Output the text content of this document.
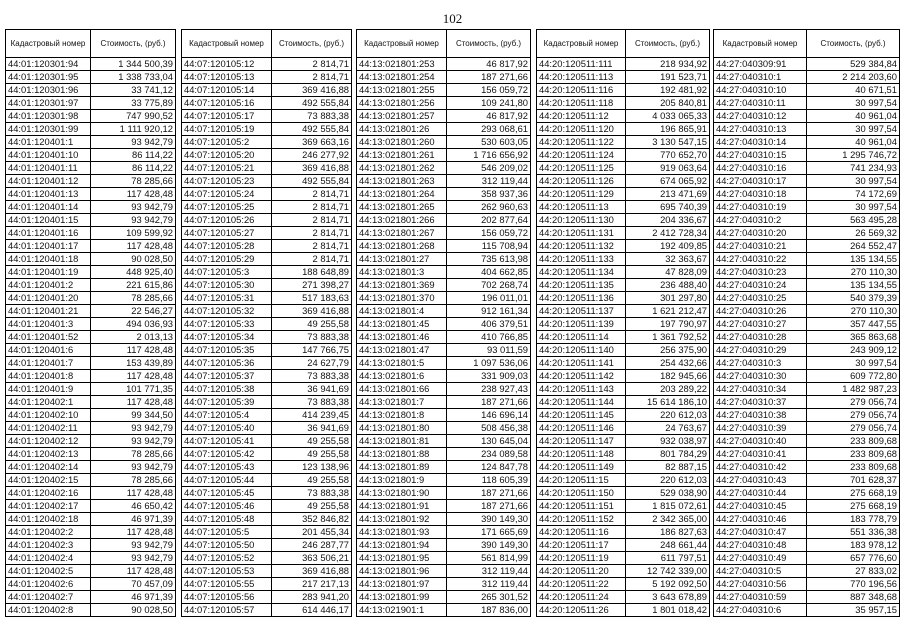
102
Кадастровый номер	Стоимость, (руб.)
44:01:120301:94	1 344 500,39
44:01:120301:95	1 338 733,04
44:01:120301:96	33 741,12
44:01:120301:97	33 775,89
44:01:120301:98	747 990,52
44:01:120301:99	1 111 920,12
44:01:120401:1	93 942,79
44:01:120401:10	86 114,22
44:01:120401:11	86 114,22
44:01:120401:12	78 285,66
44:01:120401:13	117 428,48
44:01:120401:14	93 942,79
44:01:120401:15	93 942,79
44:01:120401:16	109 599,92
44:01:120401:17	117 428,48
44:01:120401:18	90 028,50
44:01:120401:19	448 925,40
44:01:120401:2	221 615,86
44:01:120401:20	78 285,66
44:01:120401:21	22 546,27
44:01:120401:3	494 036,93
44:01:120401:52	2 013,13
44:01:120401:6	117 428,48
44:01:120401:7	153 439,89
44:01:120401:8	117 428,48
44:01:120401:9	101 771,35
44:01:120402:1	117 428,48
44:01:120402:10	99 344,50
44:01:120402:11	93 942,79
44:01:120402:12	93 942,79
44:01:120402:13	78 285,66
44:01:120402:14	93 942,79
44:01:120402:15	78 285,66
44:01:120402:16	117 428,48
44:01:120402:17	46 650,42
44:01:120402:18	46 971,39
44:01:120402:2	117 428,48
44:01:120402:3	93 942,79
44:01:120402:4	93 942,79
44:01:120402:5	117 428,48
44:01:120402:6	70 457,09
44:01:120402:7	46 971,39
44:01:120402:8	90 028,50
Кадастровый номер	Стоимость, (руб.)
44:07:120105:12	2 814,71
44:07:120105:13	2 814,71
44:07:120105:14	369 416,88
44:07:120105:16	492 555,84
44:07:120105:17	73 883,38
44:07:120105:19	492 555,84
44:07:120105:2	369 663,16
44:07:120105:20	246 277,92
44:07:120105:21	369 416,88
44:07:120105:23	492 555,84
44:07:120105:24	2 814,71
44:07:120105:25	2 814,71
44:07:120105:26	2 814,71
44:07:120105:27	2 814,71
44:07:120105:28	2 814,71
44:07:120105:29	2 814,71
44:07:120105:3	188 648,89
44:07:120105:30	271 398,27
44:07:120105:31	517 183,63
44:07:120105:32	369 416,88
44:07:120105:33	49 255,58
44:07:120105:34	73 883,38
44:07:120105:35	147 766,75
44:07:120105:36	24 627,79
44:07:120105:37	73 883,38
44:07:120105:38	36 941,69
44:07:120105:39	73 883,38
44:07:120105:4	414 239,45
44:07:120105:40	36 941,69
44:07:120105:41	49 255,58
44:07:120105:42	49 255,58
44:07:120105:43	123 138,96
44:07:120105:44	49 255,58
44:07:120105:45	73 883,38
44:07:120105:46	49 255,58
44:07:120105:48	352 846,82
44:07:120105:5	201 455,34
44:07:120105:50	246 287,77
44:07:120105:52	363 506,21
44:07:120105:53	369 416,88
44:07:120105:55	217 217,13
44:07:120105:56	283 941,20
44:07:120105:57	614 446,17
Кадастровый номер	Стоимость, (руб.)
44:13:021801:253	46 817,92
44:13:021801:254	187 271,66
44:13:021801:255	156 059,72
44:13:021801:256	109 241,80
44:13:021801:257	46 817,92
44:13:021801:26	293 068,61
44:13:021801:260	530 603,05
44:13:021801:261	1 716 656,92
44:13:021801:262	546 209,02
44:13:021801:263	312 119,44
44:13:021801:264	358 937,36
44:13:021801:265	262 960,63
44:13:021801:266	202 877,64
44:13:021801:267	156 059,72
44:13:021801:268	115 708,94
44:13:021801:27	735 613,98
44:13:021801:3	404 662,85
44:13:021801:369	702 268,74
44:13:021801:370	196 011,01
44:13:021801:4	912 161,34
44:13:021801:45	406 379,51
44:13:021801:46	410 766,85
44:13:021801:47	93 011,59
44:13:021801:5	1 097 536,06
44:13:021801:6	331 909,03
44:13:021801:66	238 927,43
44:13:021801:7	187 271,66
44:13:021801:8	146 696,14
44:13:021801:80	508 456,38
44:13:021801:81	130 645,04
44:13:021801:88	234 089,58
44:13:021801:89	124 847,78
44:13:021801:9	118 605,39
44:13:021801:90	187 271,66
44:13:021801:91	187 271,66
44:13:021801:92	390 149,30
44:13:021801:93	171 665,69
44:13:021801:94	390 149,30
44:13:021801:95	561 814,99
44:13:021801:96	312 119,44
44:13:021801:97	312 119,44
44:13:021801:99	265 301,52
44:13:021901:1	187 836,00
Кадастровый номер	Стоимость, (руб.)
44:20:120511:111	218 934,92
44:20:120511:113	191 523,71
44:20:120511:116	192 481,92
44:20:120511:118	205 840,81
44:20:120511:12	4 033 065,33
44:20:120511:120	196 865,91
44:20:120511:122	3 130 547,15
44:20:120511:124	770 652,70
44:20:120511:125	919 063,64
44:20:120511:126	674 065,92
44:20:120511:129	213 471,69
44:20:120511:13	695 740,39
44:20:120511:130	204 336,67
44:20:120511:131	2 412 728,34
44:20:120511:132	192 409,85
44:20:120511:133	32 363,67
44:20:120511:134	47 828,09
44:20:120511:135	236 488,40
44:20:120511:136	301 297,80
44:20:120511:137	1 621 212,47
44:20:120511:139	197 790,97
44:20:120511:14	1 361 792,52
44:20:120511:140	256 375,90
44:20:120511:141	254 432,66
44:20:120511:142	182 945,66
44:20:120511:143	203 289,22
44:20:120511:144	15 614 186,10
44:20:120511:145	220 612,03
44:20:120511:146	24 763,67
44:20:120511:147	932 038,97
44:20:120511:148	801 784,29
44:20:120511:149	82 887,15
44:20:120511:15	220 612,03
44:20:120511:150	529 038,90
44:20:120511:151	1 815 072,61
44:20:120511:152	2 342 365,00
44:20:120511:16	186 827,63
44:20:120511:17	248 661,44
44:20:120511:19	611 797,51
44:20:120511:20	12 742 339,00
44:20:120511:22	5 192 092,50
44:20:120511:24	3 643 678,89
44:20:120511:26	1 801 018,42
Кадастровый номер	Стоимость, (руб.)
44:27:040309:91	529 384,84
44:27:040310:1	2 214 203,60
44:27:040310:10	40 671,51
44:27:040310:11	30 997,54
44:27:040310:12	40 961,04
44:27:040310:13	30 997,54
44:27:040310:14	40 961,04
44:27:040310:15	1 295 746,72
44:27:040310:16	741 234,93
44:27:040310:17	30 997,54
44:27:040310:18	74 172,69
44:27:040310:19	30 997,54
44:27:040310:2	563 495,28
44:27:040310:20	26 569,32
44:27:040310:21	264 552,47
44:27:040310:22	135 134,55
44:27:040310:23	270 110,30
44:27:040310:24	135 134,55
44:27:040310:25	540 379,39
44:27:040310:26	270 110,30
44:27:040310:27	357 447,55
44:27:040310:28	365 863,68
44:27:040310:29	243 909,12
44:27:040310:3	30 997,54
44:27:040310:30	609 772,80
44:27:040310:34	1 482 987,23
44:27:040310:37	279 056,74
44:27:040310:38	279 056,74
44:27:040310:39	279 056,74
44:27:040310:40	233 809,68
44:27:040310:41	233 809,68
44:27:040310:42	233 809,68
44:27:040310:43	701 628,37
44:27:040310:44	275 668,19
44:27:040310:45	275 668,19
44:27:040310:46	183 778,79
44:27:040310:47	551 336,38
44:27:040310:48	183 978,12
44:27:040310:49	657 776,60
44:27:040310:5	27 833,02
44:27:040310:56	770 196,56
44:27:040310:59	887 348,68
44:27:040310:6	35 957,15
